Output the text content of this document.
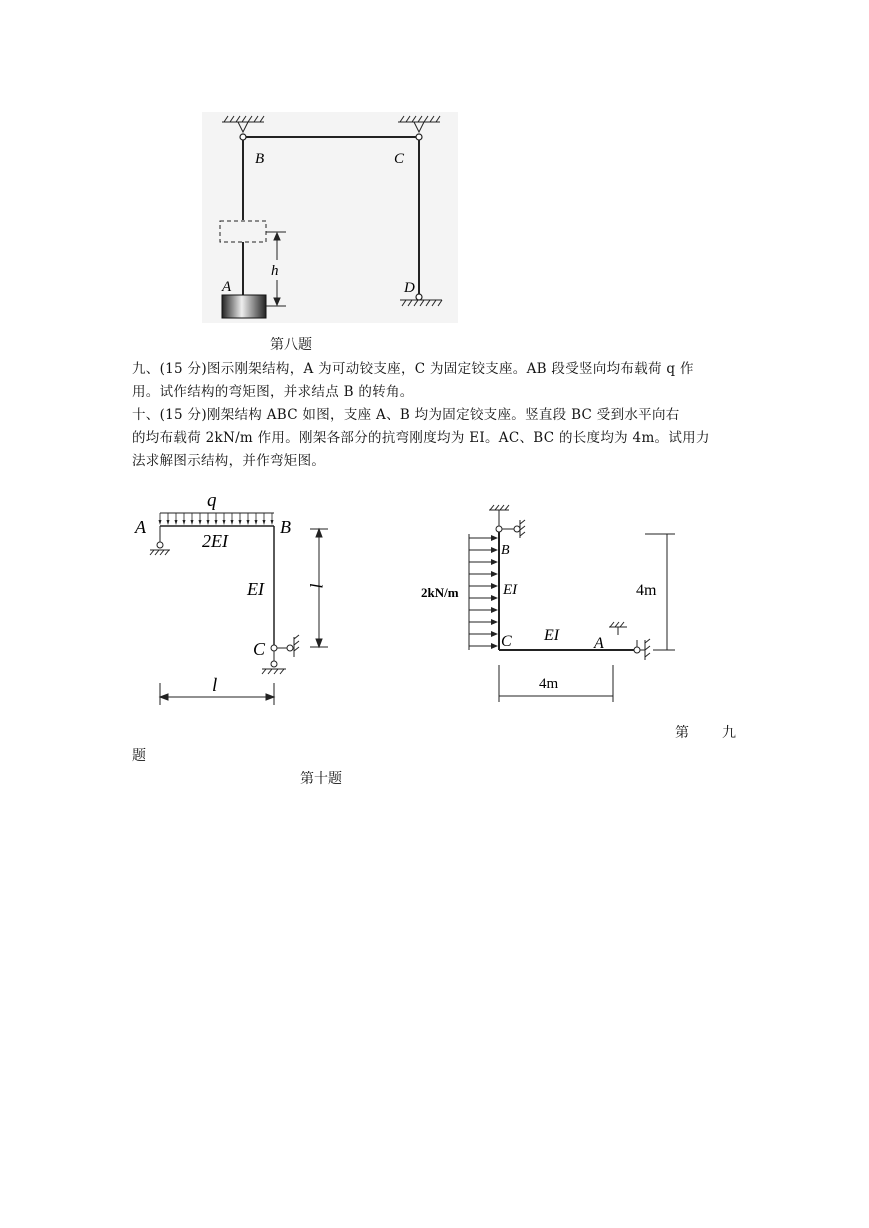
h
B	C
A	D
第八题
九、(15 分)图示刚架结构，A 为可动铰支座，C 为固定铰支座。AB 段受竖向均布载荷 q 作
用。试作结构的弯矩图，并求结点 B 的转角。
十、(15 分)刚架结构 ABC 如图，支座 A、B 均为固定铰支座。竖直段 BC 受到水平向右
的均布载荷 2kN/m 作用。刚架各部分的抗弯刚度均为 EI。AC、BC 的长度均为 4m。试用力
法求解图示结构，并作弯矩图。
l
l
q
A	B
2EI
EI
C
2kN/m
B
EI
C EI A
4m
4m
第 九
题
第十题
